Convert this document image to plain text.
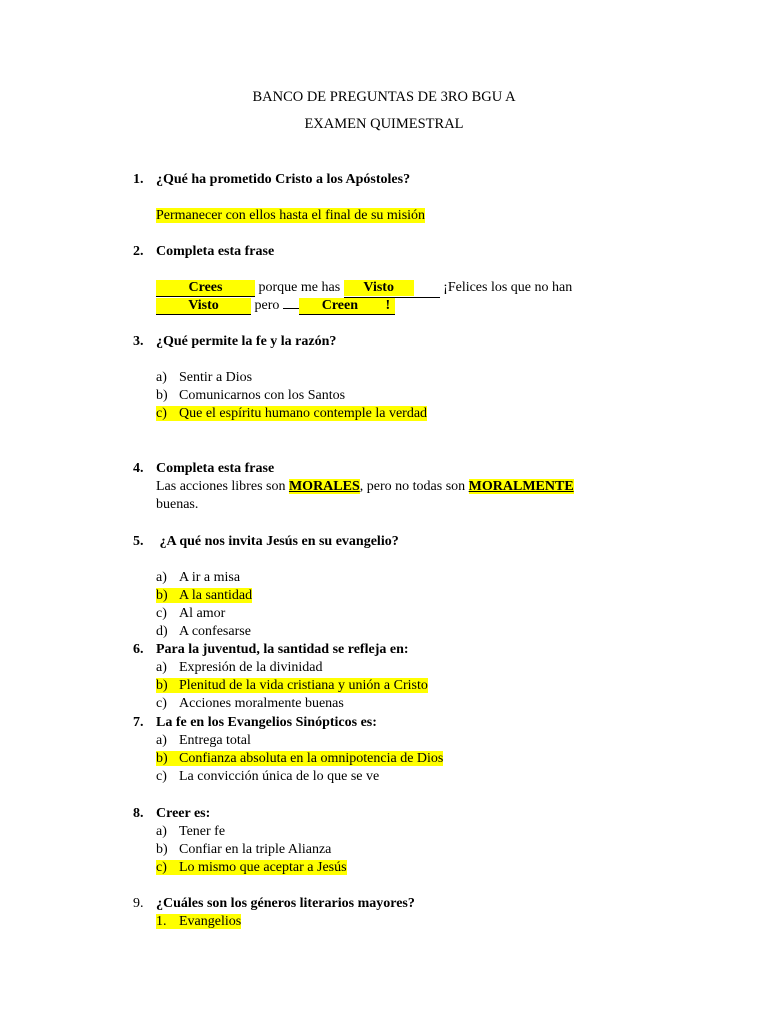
BANCO DE PREGUNTAS DE 3RO BGU A
EXAMEN QUIMESTRAL
1. ¿Qué ha prometido Cristo a los Apóstoles?
Permanecer con ellos hasta el final de su misión
2. Completa esta frase
Crees porque me has Visto	¡Felices los que no han
Visto pero	Creen !
3. ¿Qué permite la fe y la razón?
a) Sentir a Dios
b) Comunicarnos con los Santos
c) Que el espíritu humano contemple la verdad
4. Completa esta frase
Las acciones libres son MORALES, pero no todas son MORALMENTE
buenas.
5. ¿A qué nos invita Jesús en su evangelio?
a) A ir a misa
b) A la santidad
c) Al amor
d) A confesarse
6. Para la juventud, la santidad se refleja en:
a) Expresión de la divinidad
b) Plenitud de la vida cristiana y unión a Cristo
c) Acciones moralmente buenas
7. La fe en los Evangelios Sinópticos es:
a) Entrega total
b) Confianza absoluta en la omnipotencia de Dios
c) La convicción única de lo que se ve
8. Creer es:
a) Tener fe
b) Confiar en la triple Alianza
c) Lo mismo que aceptar a Jesús
9. ¿Cuáles son los géneros literarios mayores?
1. Evangelios
